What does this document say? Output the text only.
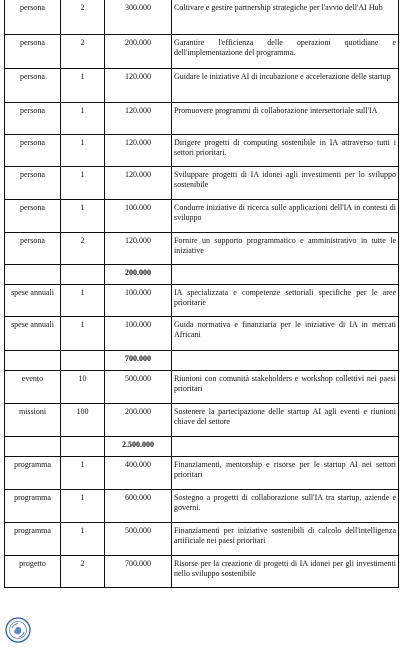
persona	2	300.000	Coltivare e gestire partnership strategiche per l'avvio dell'AI Hub
persona	2	200.000	Garantire l'efficienza delle operazioni quotidiane e dell'implementazione del programma.
persona	1	120.000	Guidare le iniziative AI di incubazione e accelerazione delle startup
persona	1	120.000	Promuovere programmi di collaborazione intersettoriale sull'IA
persona	1	120.000	Dirigere progetti di computing sostenibile in IA attraverso tutti i settori prioritari.
persona	1	120.000	Sviluppare progetti di IA idonei agli investimenti per lo sviluppo sostenibile
persona	1	100.000	Condurre iniziative di ricerca sulle applicazioni dell'IA in contesti di sviluppo
persona	2	120.000	Fornire un supporto programmatico e amministrativo in tutte le iniziative
		200.000	
spese annuali	1	100.000	IA specializzata e competenze settoriali specifiche per le aree prioritarie
spese annuali	1	100.000	Guida normativa e finanziaria per le iniziative di IA in mercati Africani
		700.000	
evento	10	500.000	Riunioni con comunità stakeholders e workshop collettivi nei paesi prioritari
missioni	100	200.000	Sostenere la partecipazione delle startup AI agli eventi e riunioni chiave del settore
		2.500.000	
programma	1	400.000	Finanziamenti, mentorship e risorse per le startup AI nei settori prioritari
programma	1	600.000	Sostegno a progetti di collaborazione sull'IA tra startup, aziende e governi.
programma	1	500.000	Finanziamenti per iniziative sostenibili di calcolo dell'intelligenza artificiale nei paesi prioritari
progetto	2	700.000	Risorse per la creazione di progetti di IA idonei per gli investimenti nello sviluppo sostenibile
